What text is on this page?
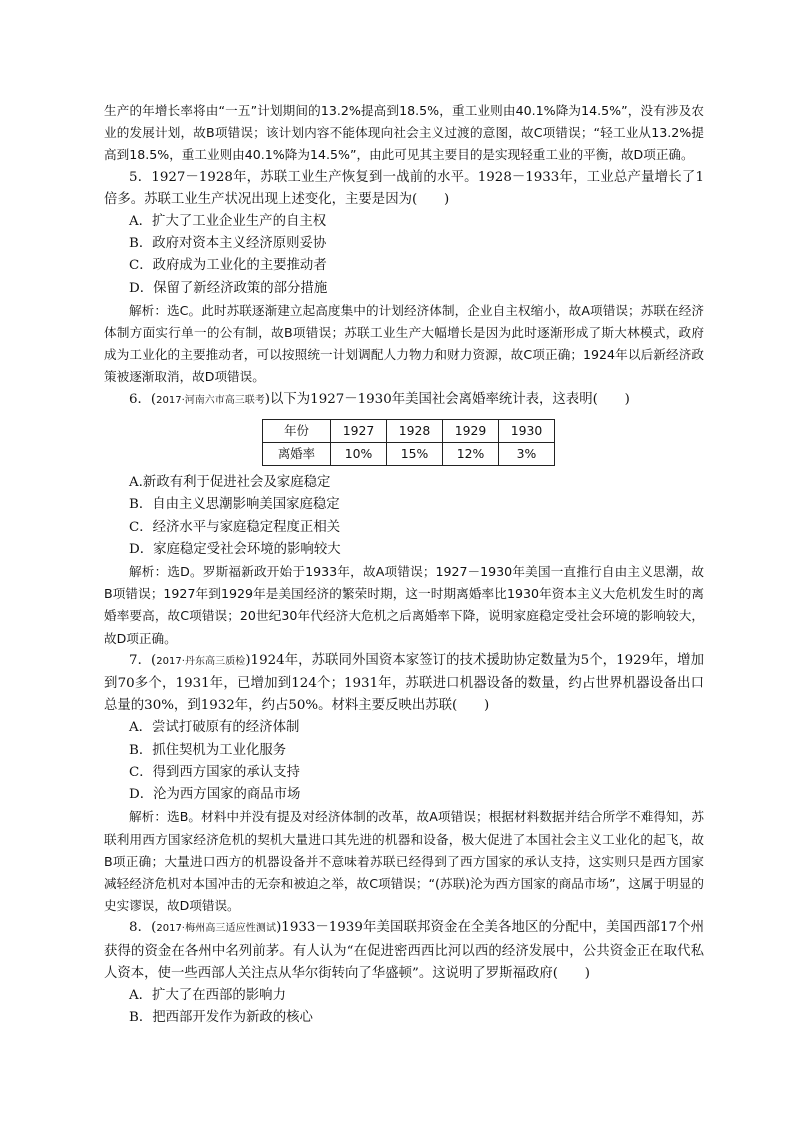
生产的年增长率将由“一五”计划期间的13.2%提高到18.5%，重工业则由40.1%降为14.5%”，没有涉及农业的发展计划，故B项错误；该计划内容不能体现向社会主义过渡的意图，故C项错误；“轻工业从13.2%提高到18.5%，重工业则由40.1%降为14.5%”，由此可见其主要目的是实现轻重工业的平衡，故D项正确。

5．1927－1928年，苏联工业生产恢复到一战前的水平。1928－1933年，工业总产量增长了1倍多。苏联工业生产状况出现上述变化，主要是因为(　　)

A．扩大了工业企业生产的自主权

B．政府对资本主义经济原则妥协

C．政府成为工业化的主要推动者

D．保留了新经济政策的部分措施

解析：选C。此时苏联逐渐建立起高度集中的计划经济体制，企业自主权缩小，故A项错误；苏联在经济体制方面实行单一的公有制，故B项错误；苏联工业生产大幅增长是因为此时逐渐形成了斯大林模式，政府成为工业化的主要推动者，可以按照统一计划调配人力物力和财力资源，故C项正确；1924年以后新经济政策被逐渐取消，故D项错误。

6．(2017·河南六市高三联考)以下为1927－1930年美国社会离婚率统计表，这表明(　　)

年份	1927	1928	1929	1930
离婚率	10%	15%	12%	3%

A.新政有利于促进社会及家庭稳定

B．自由主义思潮影响美国家庭稳定

C．经济水平与家庭稳定程度正相关

D．家庭稳定受社会环境的影响较大

解析：选D。罗斯福新政开始于1933年，故A项错误；1927－1930年美国一直推行自由主义思潮，故B项错误；1927年到1929年是美国经济的繁荣时期，这一时期离婚率比1930年资本主义大危机发生时的离婚率要高，故C项错误；20世纪30年代经济大危机之后离婚率下降，说明家庭稳定受社会环境的影响较大，故D项正确。

7．(2017·丹东高三质检)1924年，苏联同外国资本家签订的技术援助协定数量为5个，1929年，增加到70多个，1931年，已增加到124个；1931年，苏联进口机器设备的数量，约占世界机器设备出口总量的30%，到1932年，约占50%。材料主要反映出苏联(　　)

A．尝试打破原有的经济体制

B．抓住契机为工业化服务

C．得到西方国家的承认支持

D．沦为西方国家的商品市场

解析：选B。材料中并没有提及对经济体制的改革，故A项错误；根据材料数据并结合所学不难得知，苏联利用西方国家经济危机的契机大量进口其先进的机器和设备，极大促进了本国社会主义工业化的起飞，故B项正确；大量进口西方的机器设备并不意味着苏联已经得到了西方国家的承认支持，这实则只是西方国家减轻经济危机对本国冲击的无奈和被迫之举，故C项错误；“(苏联)沦为西方国家的商品市场”，这属于明显的史实谬误，故D项错误。

8．(2017·梅州高三适应性测试)1933－1939年美国联邦资金在全美各地区的分配中，美国西部17个州获得的资金在各州中名列前茅。有人认为“在促进密西西比河以西的经济发展中，公共资金正在取代私人资本，使一些西部人关注点从华尔街转向了华盛顿”。这说明了罗斯福政府(　　)

A．扩大了在西部的影响力

B．把西部开发作为新政的核心
